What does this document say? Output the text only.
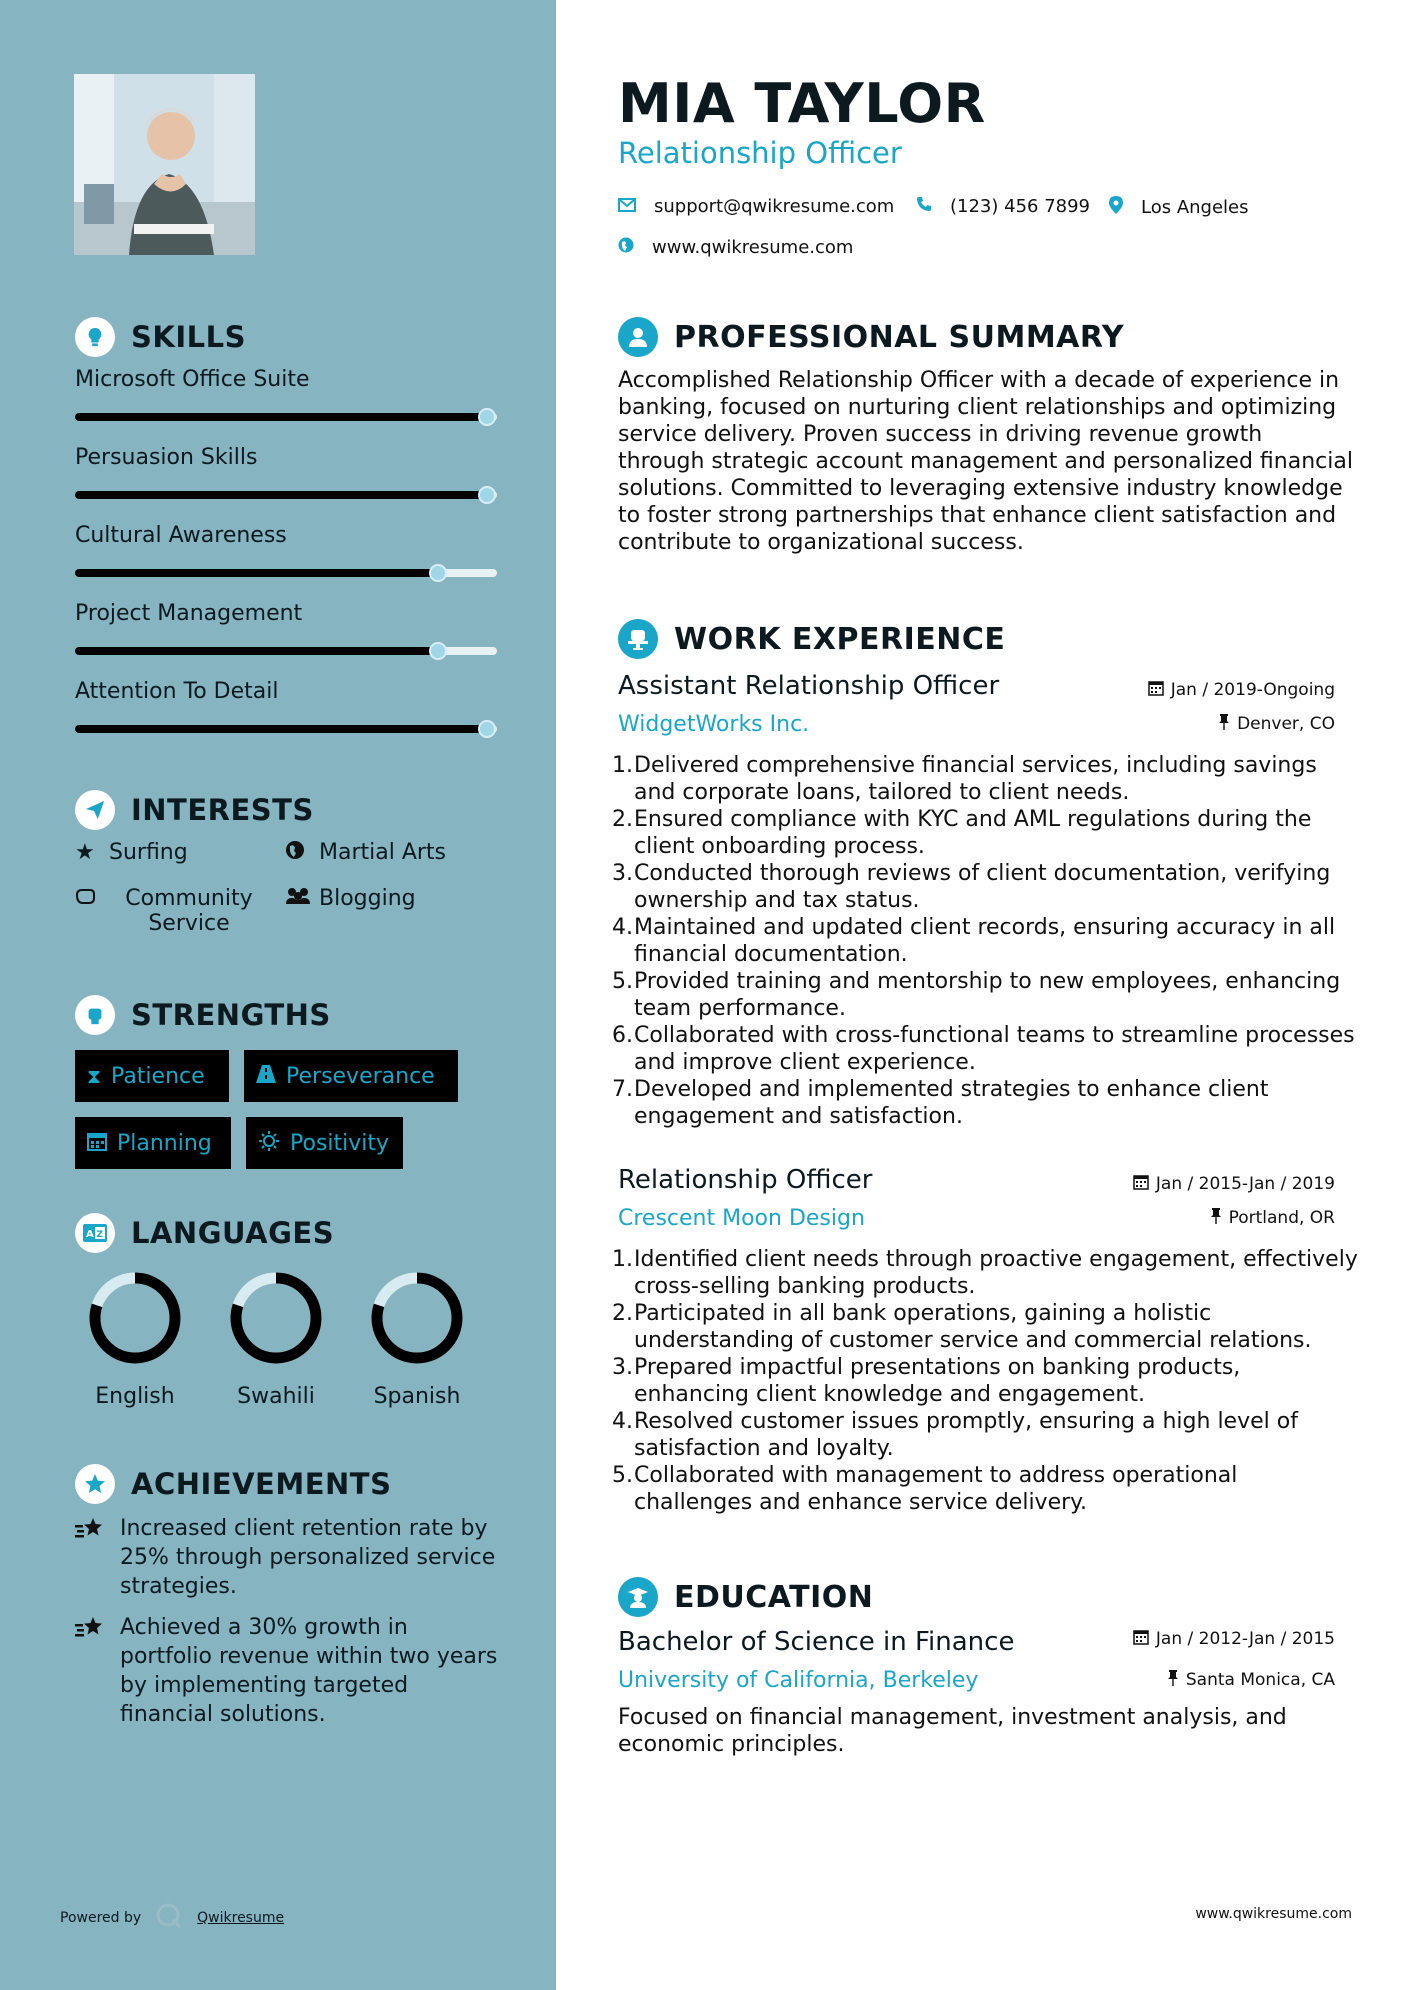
SKILLS
Microsoft Office Suite
Persuasion Skills
Cultural Awareness
Project Management
Attention To Detail
INTERESTS
★ Surfing	Martial Arts
Community Service
Blogging
STRENGTHS
⧗ Patience	Perseverance
Planning	Positivity
A Z LANGUAGES
English	Swahili	Spanish
ACHIEVEMENTS
Increased client retention rate by 25% through personalized service strategies.
Achieved a 30% growth in portfolio revenue within two years by implementing targeted financial solutions.
Powered by	Qwikresume
MIA TAYLOR
Relationship Officer
support@qwikresume.com	(123) 456 7899	Los Angeles
www.qwikresume.com
PROFESSIONAL SUMMARY
Accomplished Relationship Officer with a decade of experience in banking, focused on nurturing client relationships and optimizing service delivery. Proven success in driving revenue growth through strategic account management and personalized financial solutions. Committed to leveraging extensive industry knowledge to foster strong partnerships that enhance client satisfaction and contribute to organizational success.
WORK EXPERIENCE
Assistant Relationship Officer	Jan / 2019-Ongoing
WidgetWorks Inc.	Denver, CO
1. Delivered comprehensive financial services, including savings and corporate loans, tailored to client needs.
2. Ensured compliance with KYC and AML regulations during the client onboarding process.
3. Conducted thorough reviews of client documentation, verifying ownership and tax status.
4. Maintained and updated client records, ensuring accuracy in all financial documentation.
5. Provided training and mentorship to new employees, enhancing team performance.
6. Collaborated with cross-functional teams to streamline processes and improve client experience.
7. Developed and implemented strategies to enhance client engagement and satisfaction.
Relationship Officer	Jan / 2015-Jan / 2019
Crescent Moon Design	Portland, OR
1. Identified client needs through proactive engagement, effectively cross-selling banking products.
2. Participated in all bank operations, gaining a holistic understanding of customer service and commercial relations.
3. Prepared impactful presentations on banking products, enhancing client knowledge and engagement.
4. Resolved customer issues promptly, ensuring a high level of satisfaction and loyalty.
5. Collaborated with management to address operational challenges and enhance service delivery.
EDUCATION
Bachelor of Science in Finance	Jan / 2012-Jan / 2015
University of California, Berkeley	Santa Monica, CA
Focused on financial management, investment analysis, and economic principles.
www.qwikresume.com
